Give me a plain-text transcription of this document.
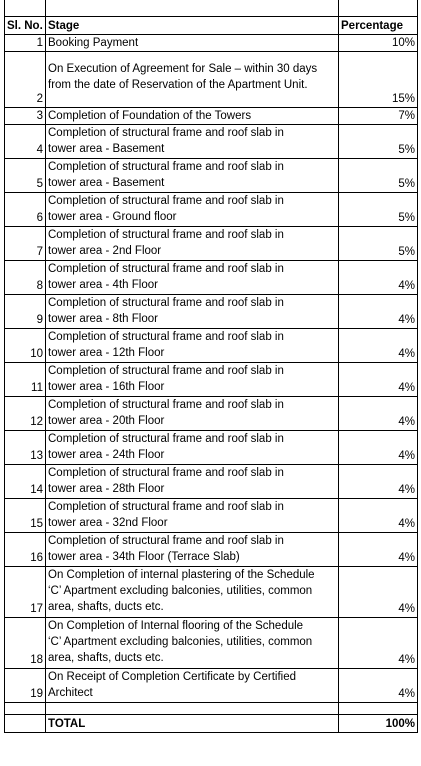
Sl. No.	Stage	Percentage
1	Booking Payment	10%
2	On Execution of Agreement for Sale – within 30 days
from the date of Reservation of the Apartment Unit.	15%
3	Completion of Foundation of the Towers	7%
4	Completion of structural frame and roof slab in
tower area - Basement	5%
5	Completion of structural frame and roof slab in
tower area - Basement	5%
6	Completion of structural frame and roof slab in
tower area - Ground floor	5%
7	Completion of structural frame and roof slab in
tower area - 2nd Floor	5%
8	Completion of structural frame and roof slab in
tower area - 4th Floor	4%
9	Completion of structural frame and roof slab in
tower area - 8th Floor	4%
10	Completion of structural frame and roof slab in
tower area - 12th Floor	4%
11	Completion of structural frame and roof slab in
tower area - 16th Floor	4%
12	Completion of structural frame and roof slab in
tower area - 20th Floor	4%
13	Completion of structural frame and roof slab in
tower area - 24th Floor	4%
14	Completion of structural frame and roof slab in
tower area - 28th Floor	4%
15	Completion of structural frame and roof slab in
tower area - 32nd Floor	4%
16	Completion of structural frame and roof slab in
tower area - 34th Floor (Terrace Slab)	4%
17	On Completion of internal plastering of the Schedule
‘C’ Apartment excluding balconies, utilities, common
area, shafts, ducts etc.	4%
18	On Completion of Internal flooring of the Schedule
‘C’ Apartment excluding balconies, utilities, common
area, shafts, ducts etc.	4%
19	On Receipt of Completion Certificate by Certified
Architect	4%

	TOTAL	100%
